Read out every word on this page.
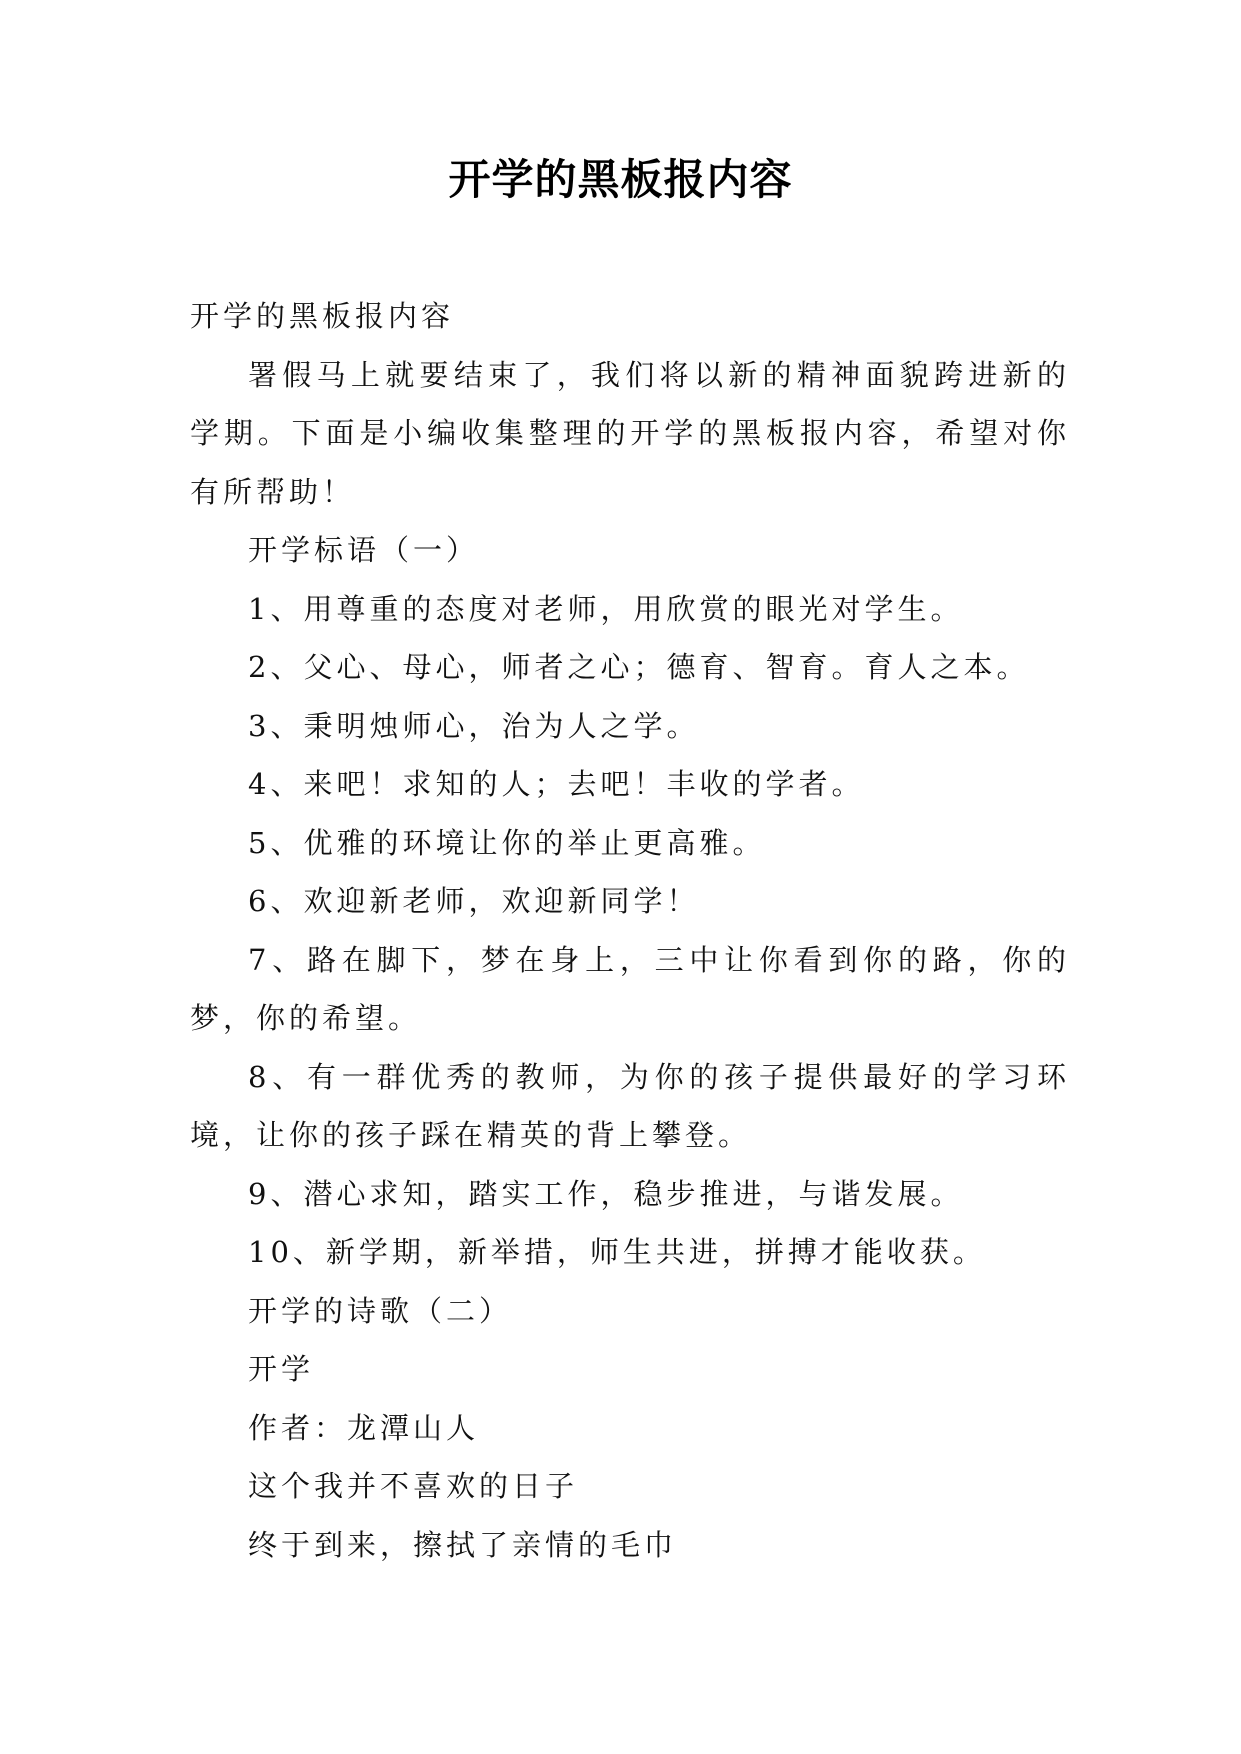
开学的黑板报内容

开学的黑板报内容

署假马上就要结束了，我们将以新的精神面貌跨进新的学期。下面是小编收集整理的开学的黑板报内容，希望对你有所帮助！

开学标语（一）

1、用尊重的态度对老师，用欣赏的眼光对学生。

2、父心、母心，师者之心；德育、智育。育人之本。

3、秉明烛师心，治为人之学。

4、来吧！求知的人；去吧！丰收的学者。

5、优雅的环境让你的举止更高雅。

6、欢迎新老师，欢迎新同学！

7、路在脚下，梦在身上，三中让你看到你的路，你的梦，你的希望。

8、有一群优秀的教师，为你的孩子提供最好的学习环境，让你的孩子踩在精英的背上攀登。

9、潜心求知，踏实工作，稳步推进，与谐发展。

10、新学期，新举措，师生共进，拼搏才能收获。

开学的诗歌（二）

开学

作者：龙潭山人

这个我并不喜欢的日子

终于到来，擦拭了亲情的毛巾
